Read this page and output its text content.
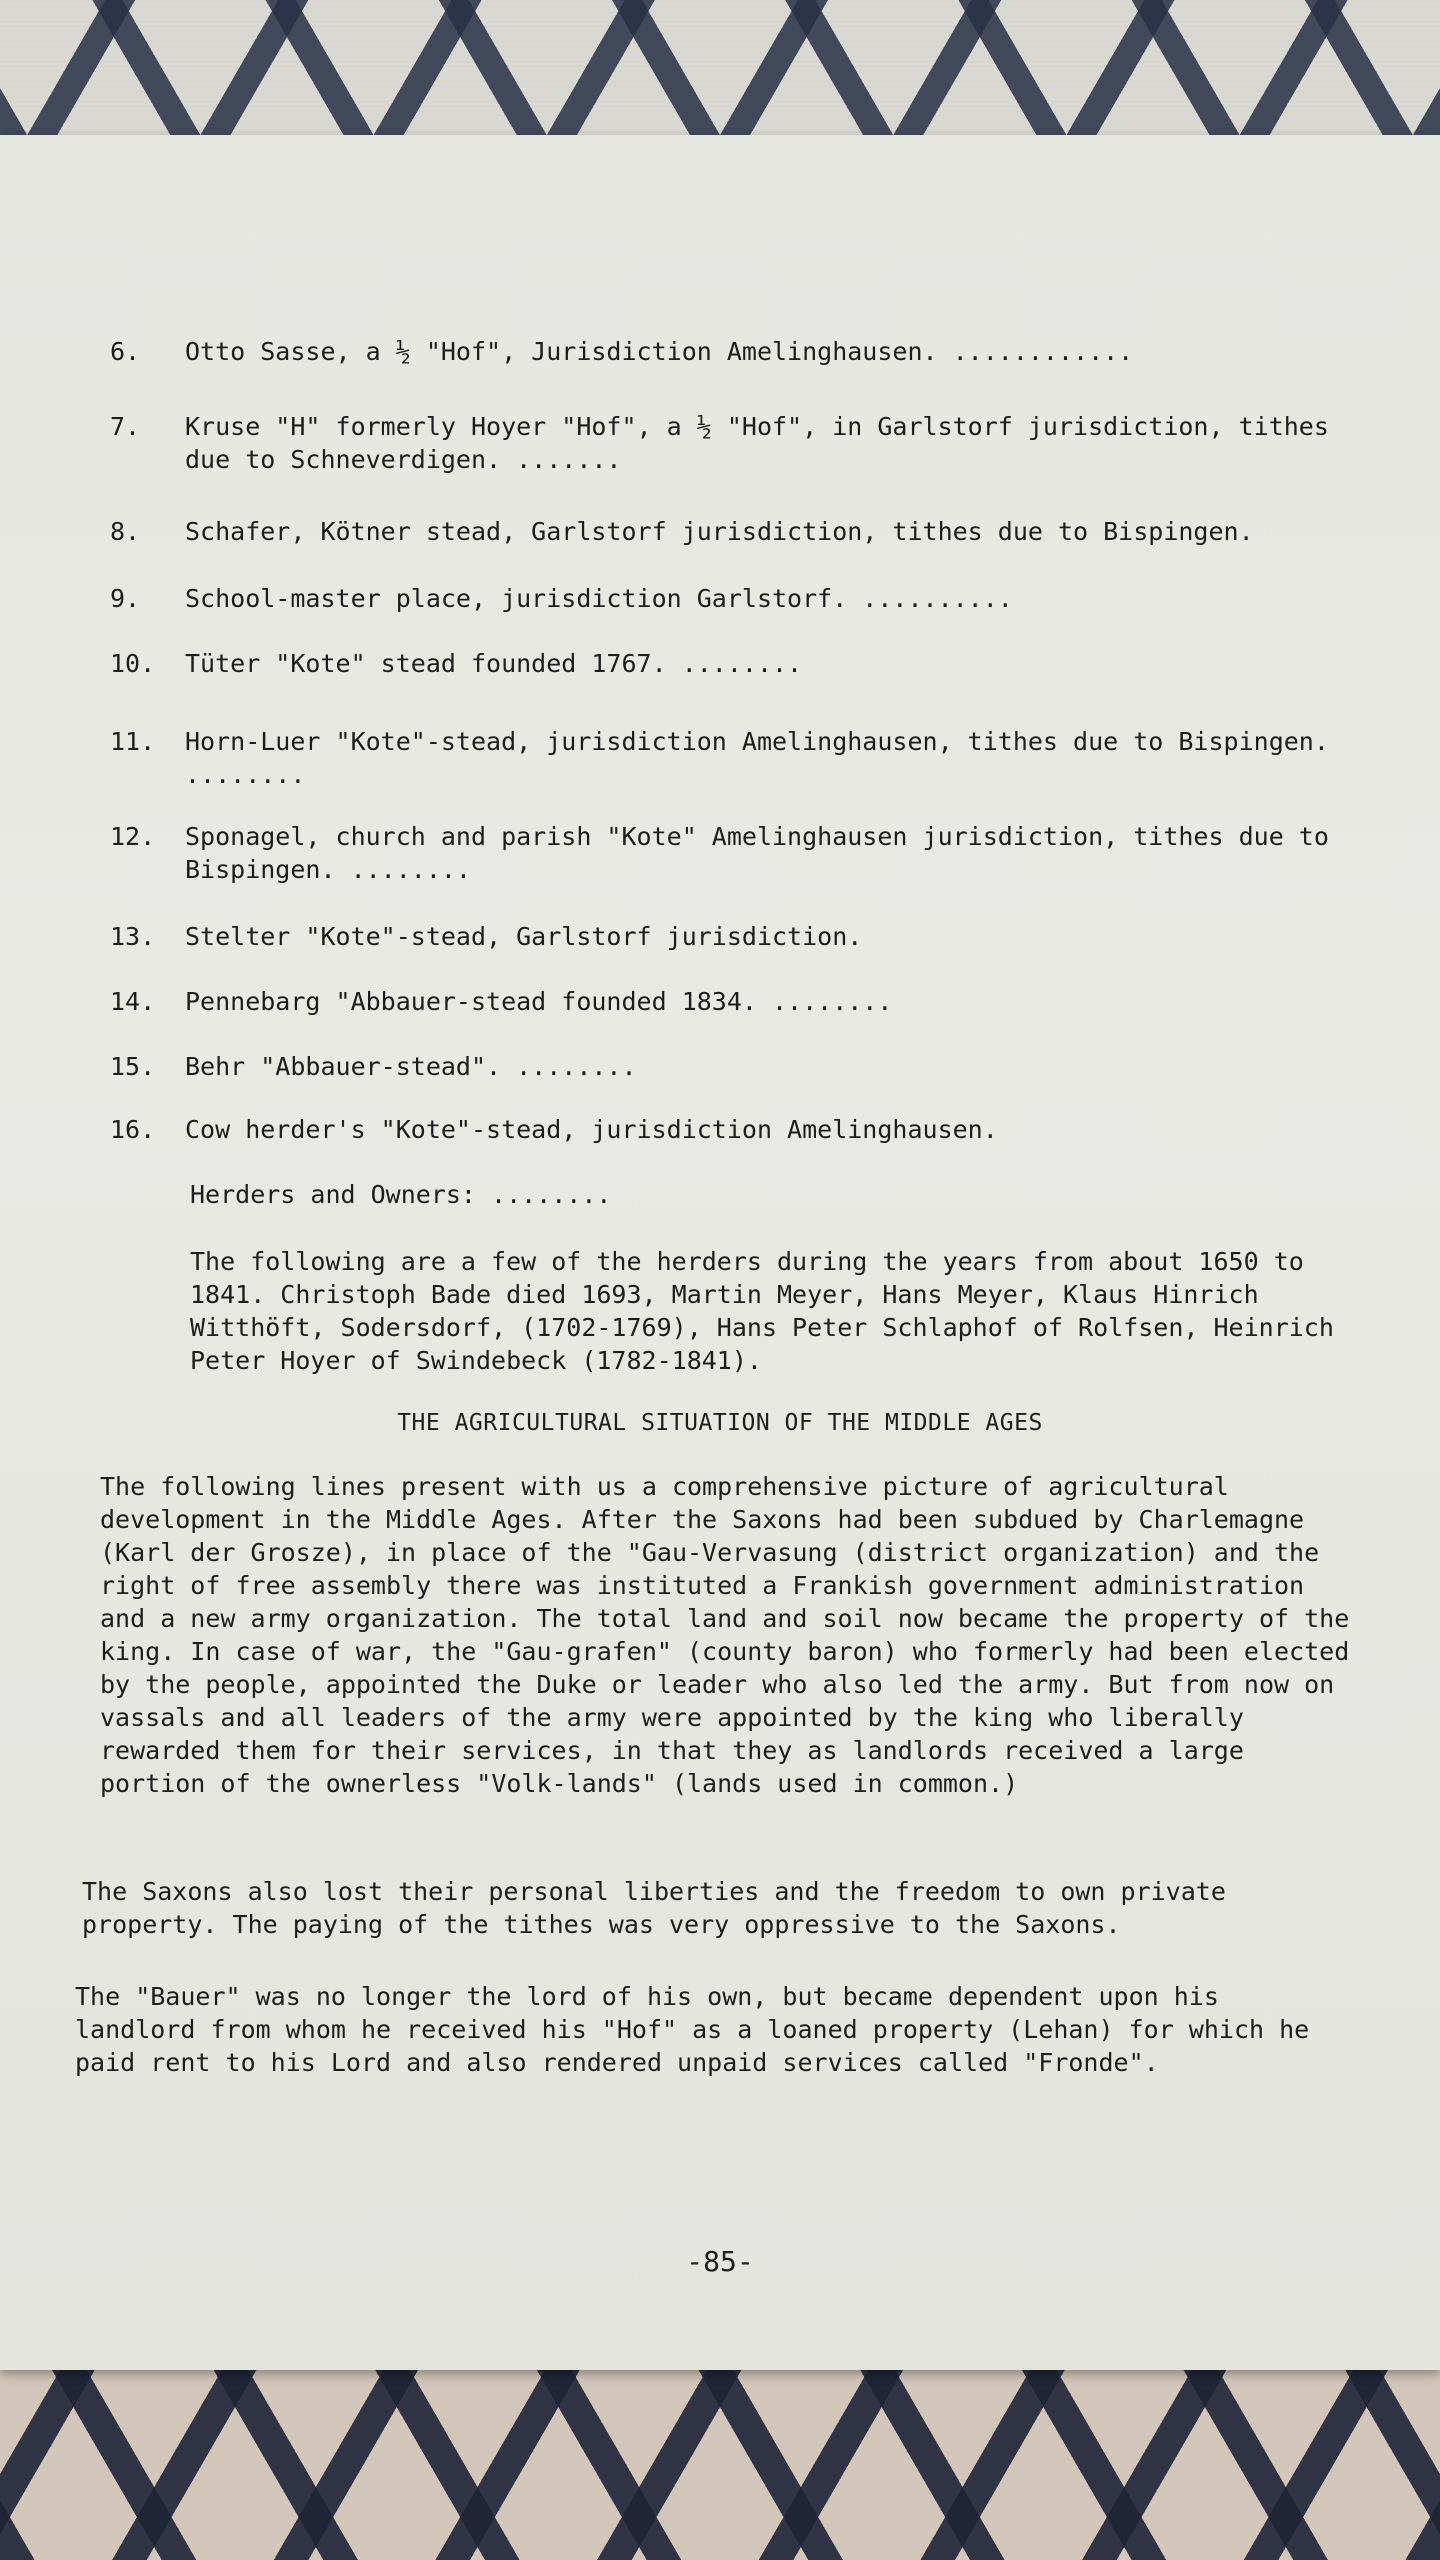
6.	Otto Sasse, a ½ "Hof", Jurisdiction Amelinghausen. ............
7.	Kruse "H" formerly Hoyer "Hof", a ½ "Hof", in Garlstorf jurisdiction, tithes due to Schneverdigen. .......
8.	Schafer, Kötner stead, Garlstorf jurisdiction, tithes due to Bispingen.
9.	School-master place, jurisdiction Garlstorf. ..........
10.	Tüter "Kote" stead founded 1767. ........
11.	Horn-Luer "Kote"-stead, jurisdiction Amelinghausen, tithes due to Bispingen. ........
12.	Sponagel, church and parish "Kote" Amelinghausen jurisdiction, tithes due to Bispingen. ........
13.	Stelter "Kote"-stead, Garlstorf jurisdiction.
14.	Pennebarg "Abbauer-stead founded 1834. ........
15.	Behr "Abbauer-stead". ........
16.	Cow herder's "Kote"-stead, jurisdiction Amelinghausen.
Herders and Owners: ........
The following are a few of the herders during the years from about 1650 to 1841. Christoph Bade died 1693, Martin Meyer, Hans Meyer, Klaus Hinrich Witthöft, Sodersdorf, (1702-1769), Hans Peter Schlaphof of Rolfsen, Heinrich Peter Hoyer of Swindebeck (1782-1841).
THE AGRICULTURAL SITUATION OF THE MIDDLE AGES
The following lines present with us a comprehensive picture of agricultural development in the Middle Ages. After the Saxons had been subdued by Charlemagne (Karl der Grosze), in place of the "Gau-Vervasung (district organization) and the right of free assembly there was instituted a Frankish government administration and a new army organization. The total land and soil now became the property of the king. In case of war, the "Gau-grafen" (county baron) who formerly had been elected by the people, appointed the Duke or leader who also led the army. But from now on vassals and all leaders of the army were appointed by the king who liberally rewarded them for their services, in that they as landlords received a large portion of the ownerless "Volk-lands" (lands used in common.)
The Saxons also lost their personal liberties and the freedom to own private property. The paying of the tithes was very oppressive to the Saxons.
The "Bauer" was no longer the lord of his own, but became dependent upon his landlord from whom he received his "Hof" as a loaned property (Lehan) for which he paid rent to his Lord and also rendered unpaid services called "Fronde".
-85-
